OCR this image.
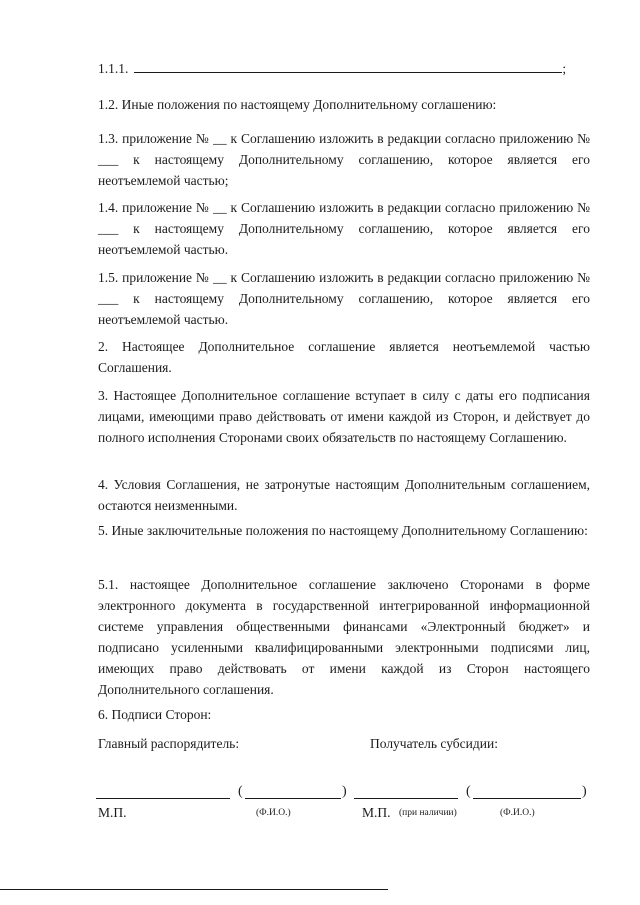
1.1.1.	;
1.2. Иные положения по настоящему Дополнительному соглашению:
1.3. приложение № __ к Соглашению изложить в редакции согласно приложению № ___ к настоящему Дополнительному соглашению, которое является его неотъемлемой частью;
1.4. приложение № __ к Соглашению изложить в редакции согласно приложению № ___ к настоящему Дополнительному соглашению, которое является его неотъемлемой частью.
1.5. приложение № __ к Соглашению изложить в редакции согласно приложению № ___ к настоящему Дополнительному соглашению, которое является его неотъемлемой частью.
2. Настоящее Дополнительное соглашение является неотъемлемой частью Соглашения.
3. Настоящее Дополнительное соглашение вступает в силу с даты его подписания лицами, имеющими право действовать от имени каждой из Сторон, и действует до полного исполнения Сторонами своих обязательств по настоящему Соглашению.
4. Условия Соглашения, не затронутые настоящим Дополнительным соглашением, остаются неизменными.
5. Иные заключительные положения по настоящему Дополнительному Соглашению:
5.1. настоящее Дополнительное соглашение заключено Сторонами в форме электронного документа в государственной интегрированной информационной системе управления общественными финансами «Электронный бюджет» и подписано усиленными квалифицированными электронными подписями лиц, имеющих право действовать от имени каждой из Сторон настоящего Дополнительного соглашения.
6. Подписи Сторон:
Главный распорядитель:	Получатель субсидии:
(	)	(	)
М.П.	(Ф.И.О.)	М.П. (при наличии)	(Ф.И.О.)
